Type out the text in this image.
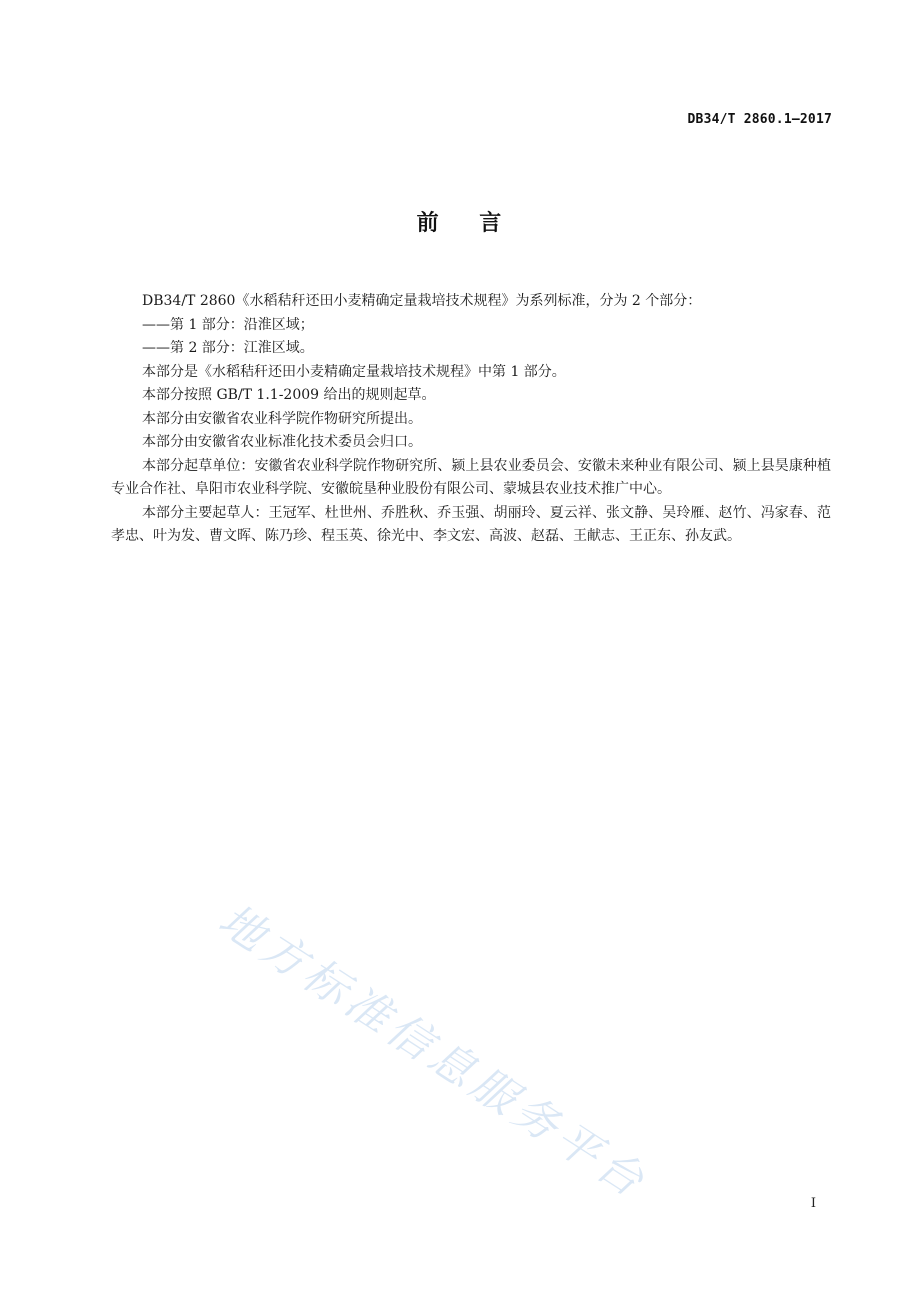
DB34/T 2860.1—2017
前    言

DB34/T 2860《水稻秸秆还田小麦精确定量栽培技术规程》为系列标准，分为 2 个部分：

——第 1 部分：沿淮区域；

——第 2 部分：江淮区域。

本部分是《水稻秸秆还田小麦精确定量栽培技术规程》中第 1 部分。

本部分按照 GB/T 1.1-2009 给出的规则起草。

本部分由安徽省农业科学院作物研究所提出。

本部分由安徽省农业标准化技术委员会归口。

本部分起草单位：安徽省农业科学院作物研究所、颍上县农业委员会、安徽未来种业有限公司、颍上县昊康种植专业合作社、阜阳市农业科学院、安徽皖垦种业股份有限公司、蒙城县农业技术推广中心。

本部分主要起草人：王冠军、杜世州、乔胜秋、乔玉强、胡丽玲、夏云祥、张文静、吴玲雁、赵竹、冯家春、范孝忠、叶为发、曹文晖、陈乃珍、程玉英、徐光中、李文宏、高波、赵磊、王献志、王正东、孙友武。

地方标准信息服务平台	I
